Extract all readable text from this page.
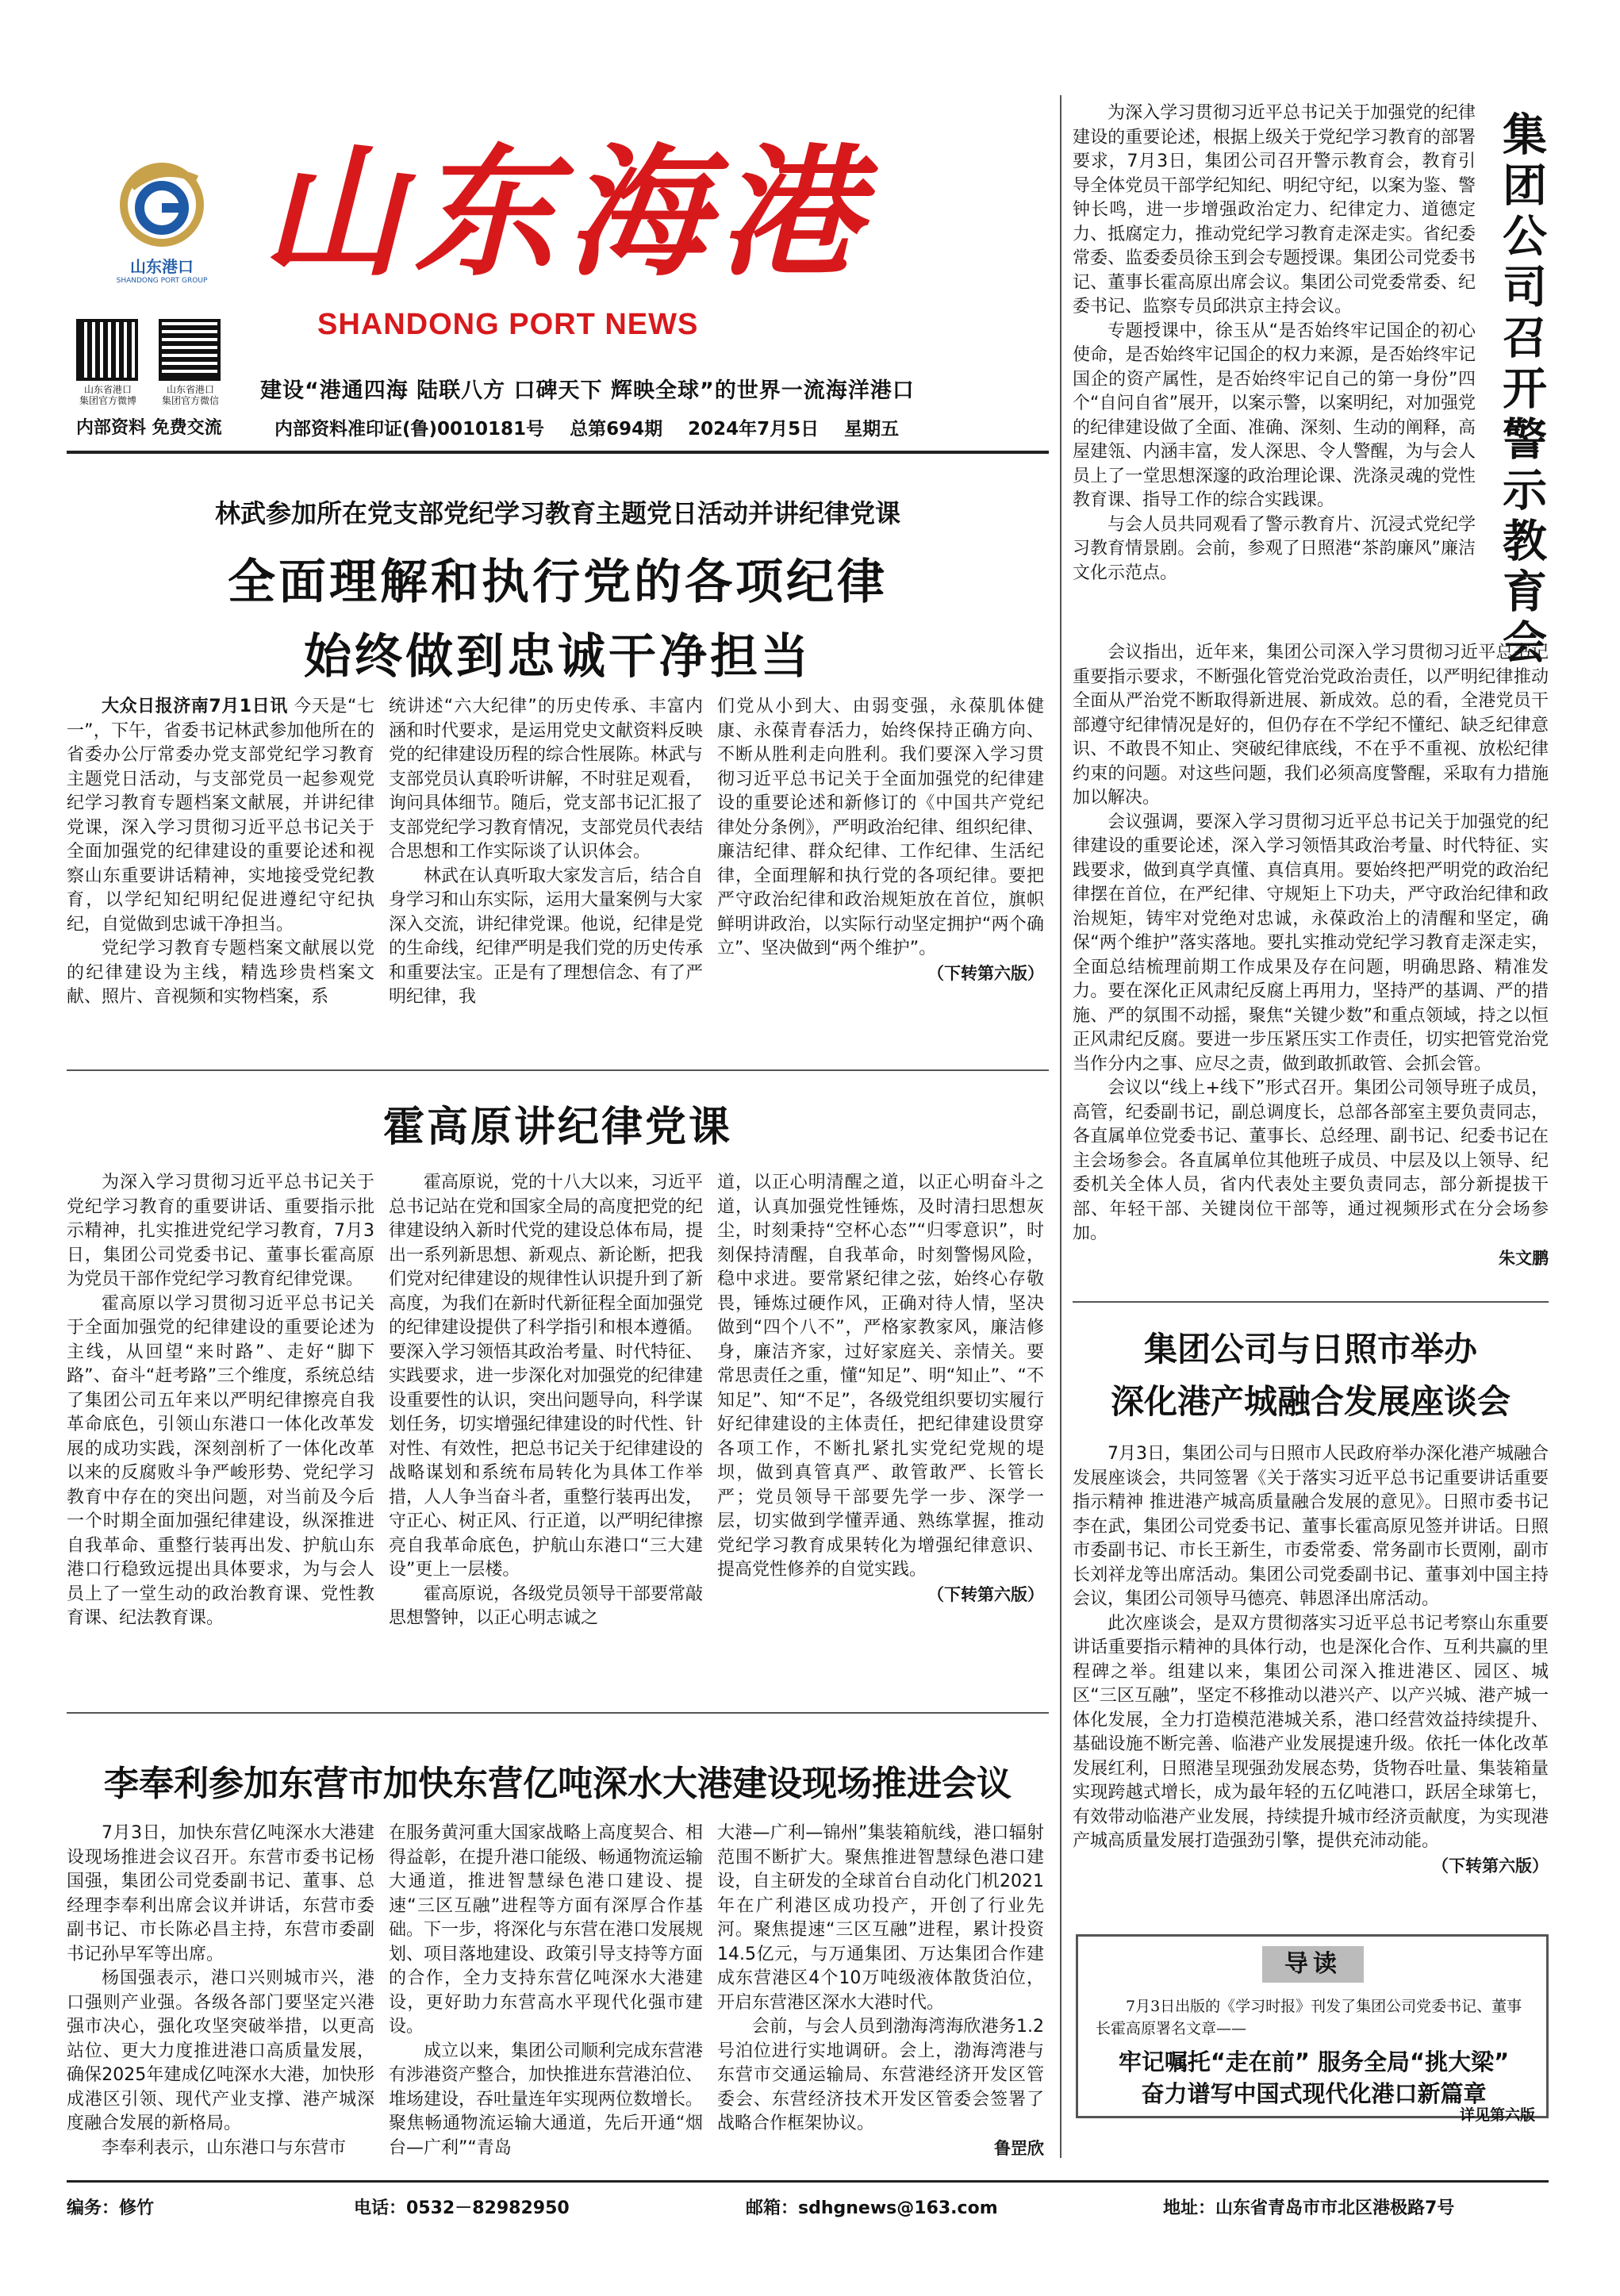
山东港口
SHANDONG PORT GROUP 山东海港
SHANDONG PORT NEWS
山东省港口
集团官方微博
山东省港口
集团官方微信
内部资料 免费交流
建设“港通四海 陆联八方 口碑天下 辉映全球”的世界一流海洋港口
内部资料准印证(鲁)0010181号    总第694期    2024年7月5日    星期五
林武参加所在党支部党纪学习教育主题党日活动并讲纪律党课
全面理解和执行党的各项纪律
始终做到忠诚干净担当

大众日报济南7月1日讯 今天是“七一”，下午，省委书记林武参加他所在的省委办公厅常委办党支部党纪学习教育主题党日活动，与支部党员一起参观党纪学习教育专题档案文献展，并讲纪律党课，深入学习贯彻习近平总书记关于全面加强党的纪律建设的重要论述和视察山东重要讲话精神，实地接受党纪教育，以学纪知纪明纪促进遵纪守纪执纪，自觉做到忠诚干净担当。

党纪学习教育专题档案文献展以党的纪律建设为主线，精选珍贵档案文献、照片、音视频和实物档案，系

统讲述“六大纪律”的历史传承、丰富内涵和时代要求，是运用党史文献资料反映党的纪律建设历程的综合性展陈。林武与支部党员认真聆听讲解，不时驻足观看，询问具体细节。随后，党支部书记汇报了支部党纪学习教育情况，支部党员代表结合思想和工作实际谈了认识体会。

林武在认真听取大家发言后，结合自身学习和山东实际，运用大量案例与大家深入交流，讲纪律党课。他说，纪律是党的生命线，纪律严明是我们党的历史传承和重要法宝。正是有了理想信念、有了严明纪律，我

们党从小到大、由弱变强，永葆肌体健康、永葆青春活力，始终保持正确方向、不断从胜利走向胜利。我们要深入学习贯彻习近平总书记关于全面加强党的纪律建设的重要论述和新修订的《中国共产党纪律处分条例》，严明政治纪律、组织纪律、廉洁纪律、群众纪律、工作纪律、生活纪律，全面理解和执行党的各项纪律。要把严守政治纪律和政治规矩放在首位，旗帜鲜明讲政治，以实际行动坚定拥护“两个确立”、坚决做到“两个维护”。

（下转第六版）
霍高原讲纪律党课

为深入学习贯彻习近平总书记关于党纪学习教育的重要讲话、重要指示批示精神，扎实推进党纪学习教育，7月3日，集团公司党委书记、董事长霍高原为党员干部作党纪学习教育纪律党课。

霍高原以学习贯彻习近平总书记关于全面加强党的纪律建设的重要论述为主线，从回望“来时路”、走好“脚下路”、奋斗“赶考路”三个维度，系统总结了集团公司五年来以严明纪律擦亮自我革命底色，引领山东港口一体化改革发展的成功实践，深刻剖析了一体化改革以来的反腐败斗争严峻形势、党纪学习教育中存在的突出问题，对当前及今后一个时期全面加强纪律建设，纵深推进自我革命、重整行装再出发、护航山东港口行稳致远提出具体要求，为与会人员上了一堂生动的政治教育课、党性教育课、纪法教育课。

霍高原说，党的十八大以来，习近平总书记站在党和国家全局的高度把党的纪律建设纳入新时代党的建设总体布局，提出一系列新思想、新观点、新论断，把我们党对纪律建设的规律性认识提升到了新高度，为我们在新时代新征程全面加强党的纪律建设提供了科学指引和根本遵循。要深入学习领悟其政治考量、时代特征、实践要求，进一步深化对加强党的纪律建设重要性的认识，突出问题导向，科学谋划任务，切实增强纪律建设的时代性、针对性、有效性，把总书记关于纪律建设的战略谋划和系统布局转化为具体工作举措，人人争当奋斗者，重整行装再出发，守正心、树正风、行正道，以严明纪律擦亮自我革命底色，护航山东港口“三大建设”更上一层楼。

霍高原说，各级党员领导干部要常敲思想警钟，以正心明志诚之

道，以正心明清醒之道，以正心明奋斗之道，认真加强党性锤炼，及时清扫思想灰尘，时刻秉持“空杯心态”“归零意识”，时刻保持清醒，自我革命，时刻警惕风险，稳中求进。要常紧纪律之弦，始终心存敬畏，锤炼过硬作风，正确对待人情，坚决做到“四个八不”，严格家教家风，廉洁修身，廉洁齐家，过好家庭关、亲情关。要常思责任之重，懂“知足”、明“知止”、“不知足”、知“不足”，各级党组织要切实履行好纪律建设的主体责任，把纪律建设贯穿各项工作，不断扎紧扎实党纪党规的堤坝，做到真管真严、敢管敢严、长管长严；党员领导干部要先学一步、深学一层，切实做到学懂弄通、熟练掌握，推动党纪学习教育成果转化为增强纪律意识、提高党性修养的自觉实践。

（下转第六版）
李奉利参加东营市加快东营亿吨深水大港建设现场推进会议

7月3日，加快东营亿吨深水大港建设现场推进会议召开。东营市委书记杨国强，集团公司党委副书记、董事、总经理李奉利出席会议并讲话，东营市委副书记、市长陈必昌主持，东营市委副书记孙早军等出席。

杨国强表示，港口兴则城市兴，港口强则产业强。各级各部门要坚定兴港强市决心，强化攻坚突破举措，以更高站位、更大力度推进港口高质量发展，确保2025年建成亿吨深水大港，加快形成港区引领、现代产业支撑、港产城深度融合发展的新格局。

李奉利表示，山东港口与东营市

在服务黄河重大国家战略上高度契合、相得益彰，在提升港口能级、畅通物流运输大通道，推进智慧绿色港口建设、提速“三区互融”进程等方面有深厚合作基础。下一步，将深化与东营在港口发展规划、项目落地建设、政策引导支持等方面的合作，全力支持东营亿吨深水大港建设，更好助力东营高水平现代化强市建设。

成立以来，集团公司顺利完成东营港有涉港资产整合，加快推进东营港泊位、堆场建设，吞吐量连年实现两位数增长。聚焦畅通物流运输大通道，先后开通“烟台—广利”“青岛

大港—广利—锦州”集装箱航线，港口辐射范围不断扩大。聚焦推进智慧绿色港口建设，自主研发的全球首台自动化门机2021年在广利港区成功投产，开创了行业先河。聚焦提速“三区互融”进程，累计投资14.5亿元，与万通集团、万达集团合作建成东营港区4个10万吨级液体散货泊位，开启东营港区深水大港时代。

会前，与会人员到渤海湾海欣港务1.2号泊位进行实地调研。会上，渤海湾港与东营市交通运输局、东营港经济开发区管委会、东营经济技术开发区管委会签署了战略合作框架协议。

鲁罡欣
集团公司召开警示教育会

为深入学习贯彻习近平总书记关于加强党的纪律建设的重要论述，根据上级关于党纪学习教育的部署要求，7月3日，集团公司召开警示教育会，教育引导全体党员干部学纪知纪、明纪守纪，以案为鉴、警钟长鸣，进一步增强政治定力、纪律定力、道德定力、抵腐定力，推动党纪学习教育走深走实。省纪委常委、监委委员徐玉到会专题授课。集团公司党委书记、董事长霍高原出席会议。集团公司党委常委、纪委书记、监察专员邱洪京主持会议。

专题授课中，徐玉从“是否始终牢记国企的初心使命，是否始终牢记国企的权力来源，是否始终牢记国企的资产属性，是否始终牢记自己的第一身份”四个“自问自省”展开，以案示警，以案明纪，对加强党的纪律建设做了全面、准确、深刻、生动的阐释，高屋建瓴、内涵丰富，发人深思、令人警醒，为与会人员上了一堂思想深邃的政治理论课、洗涤灵魂的党性教育课、指导工作的综合实践课。

与会人员共同观看了警示教育片、沉浸式党纪学习教育情景剧。会前，参观了日照港“茶韵廉风”廉洁文化示范点。

会议指出，近年来，集团公司深入学习贯彻习近平总书记重要指示要求，不断强化管党治党政治责任，以严明纪律推动全面从严治党不断取得新进展、新成效。总的看，全港党员干部遵守纪律情况是好的，但仍存在不学纪不懂纪、缺乏纪律意识、不敢畏不知止、突破纪律底线，不在乎不重视、放松纪律约束的问题。对这些问题，我们必须高度警醒，采取有力措施加以解决。

会议强调，要深入学习贯彻习近平总书记关于加强党的纪律建设的重要论述，深入学习领悟其政治考量、时代特征、实践要求，做到真学真懂、真信真用。要始终把严明党的政治纪律摆在首位，在严纪律、守规矩上下功夫，严守政治纪律和政治规矩，铸牢对党绝对忠诚，永葆政治上的清醒和坚定，确保“两个维护”落实落地。要扎实推动党纪学习教育走深走实，全面总结梳理前期工作成果及存在问题，明确思路、精准发力。要在深化正风肃纪反腐上再用力，坚持严的基调、严的措施、严的氛围不动摇，聚焦“关键少数”和重点领域，持之以恒正风肃纪反腐。要进一步压紧压实工作责任，切实把管党治党当作分内之事、应尽之责，做到敢抓敢管、会抓会管。

会议以“线上+线下”形式召开。集团公司领导班子成员，高管，纪委副书记，副总调度长，总部各部室主要负责同志，各直属单位党委书记、董事长、总经理、副书记、纪委书记在主会场参会。各直属单位其他班子成员、中层及以上领导、纪委机关全体人员，省内代表处主要负责同志，部分新提拔干部、年轻干部、关键岗位干部等，通过视频形式在分会场参加。

朱文鹏
集团公司与日照市举办
深化港产城融合发展座谈会

7月3日，集团公司与日照市人民政府举办深化港产城融合发展座谈会，共同签署《关于落实习近平总书记重要讲话重要指示精神 推进港产城高质量融合发展的意见》。日照市委书记李在武，集团公司党委书记、董事长霍高原见签并讲话。日照市委副书记、市长王新生，市委常委、常务副市长贾刚，副市长刘祥龙等出席活动。集团公司党委副书记、董事刘中国主持会议，集团公司领导马德亮、韩恩泽出席活动。

此次座谈会，是双方贯彻落实习近平总书记考察山东重要讲话重要指示精神的具体行动，也是深化合作、互利共赢的里程碑之举。组建以来，集团公司深入推进港区、园区、城区“三区互融”，坚定不移推动以港兴产、以产兴城、港产城一体化发展，全力打造模范港城关系，港口经营效益持续提升、基础设施不断完善、临港产业发展提速升级。依托一体化改革发展红利，日照港呈现强劲发展态势，货物吞吐量、集装箱量实现跨越式增长，成为最年轻的五亿吨港口，跃居全球第七，有效带动临港产业发展，持续提升城市经济贡献度，为实现港产城高质量发展打造强劲引擎，提供充沛动能。

（下转第六版）
导读
7月3日出版的《学习时报》刊发了集团公司党委书记、董事长霍高原署名文章——
牢记嘱托“走在前” 服务全局“挑大梁”
奋力谱写中国式现代化港口新篇章
详见第六版
编务：修竹	电话：0532－82982950	邮箱：sdhgnews@163.com	地址：山东省青岛市市北区港极路7号
